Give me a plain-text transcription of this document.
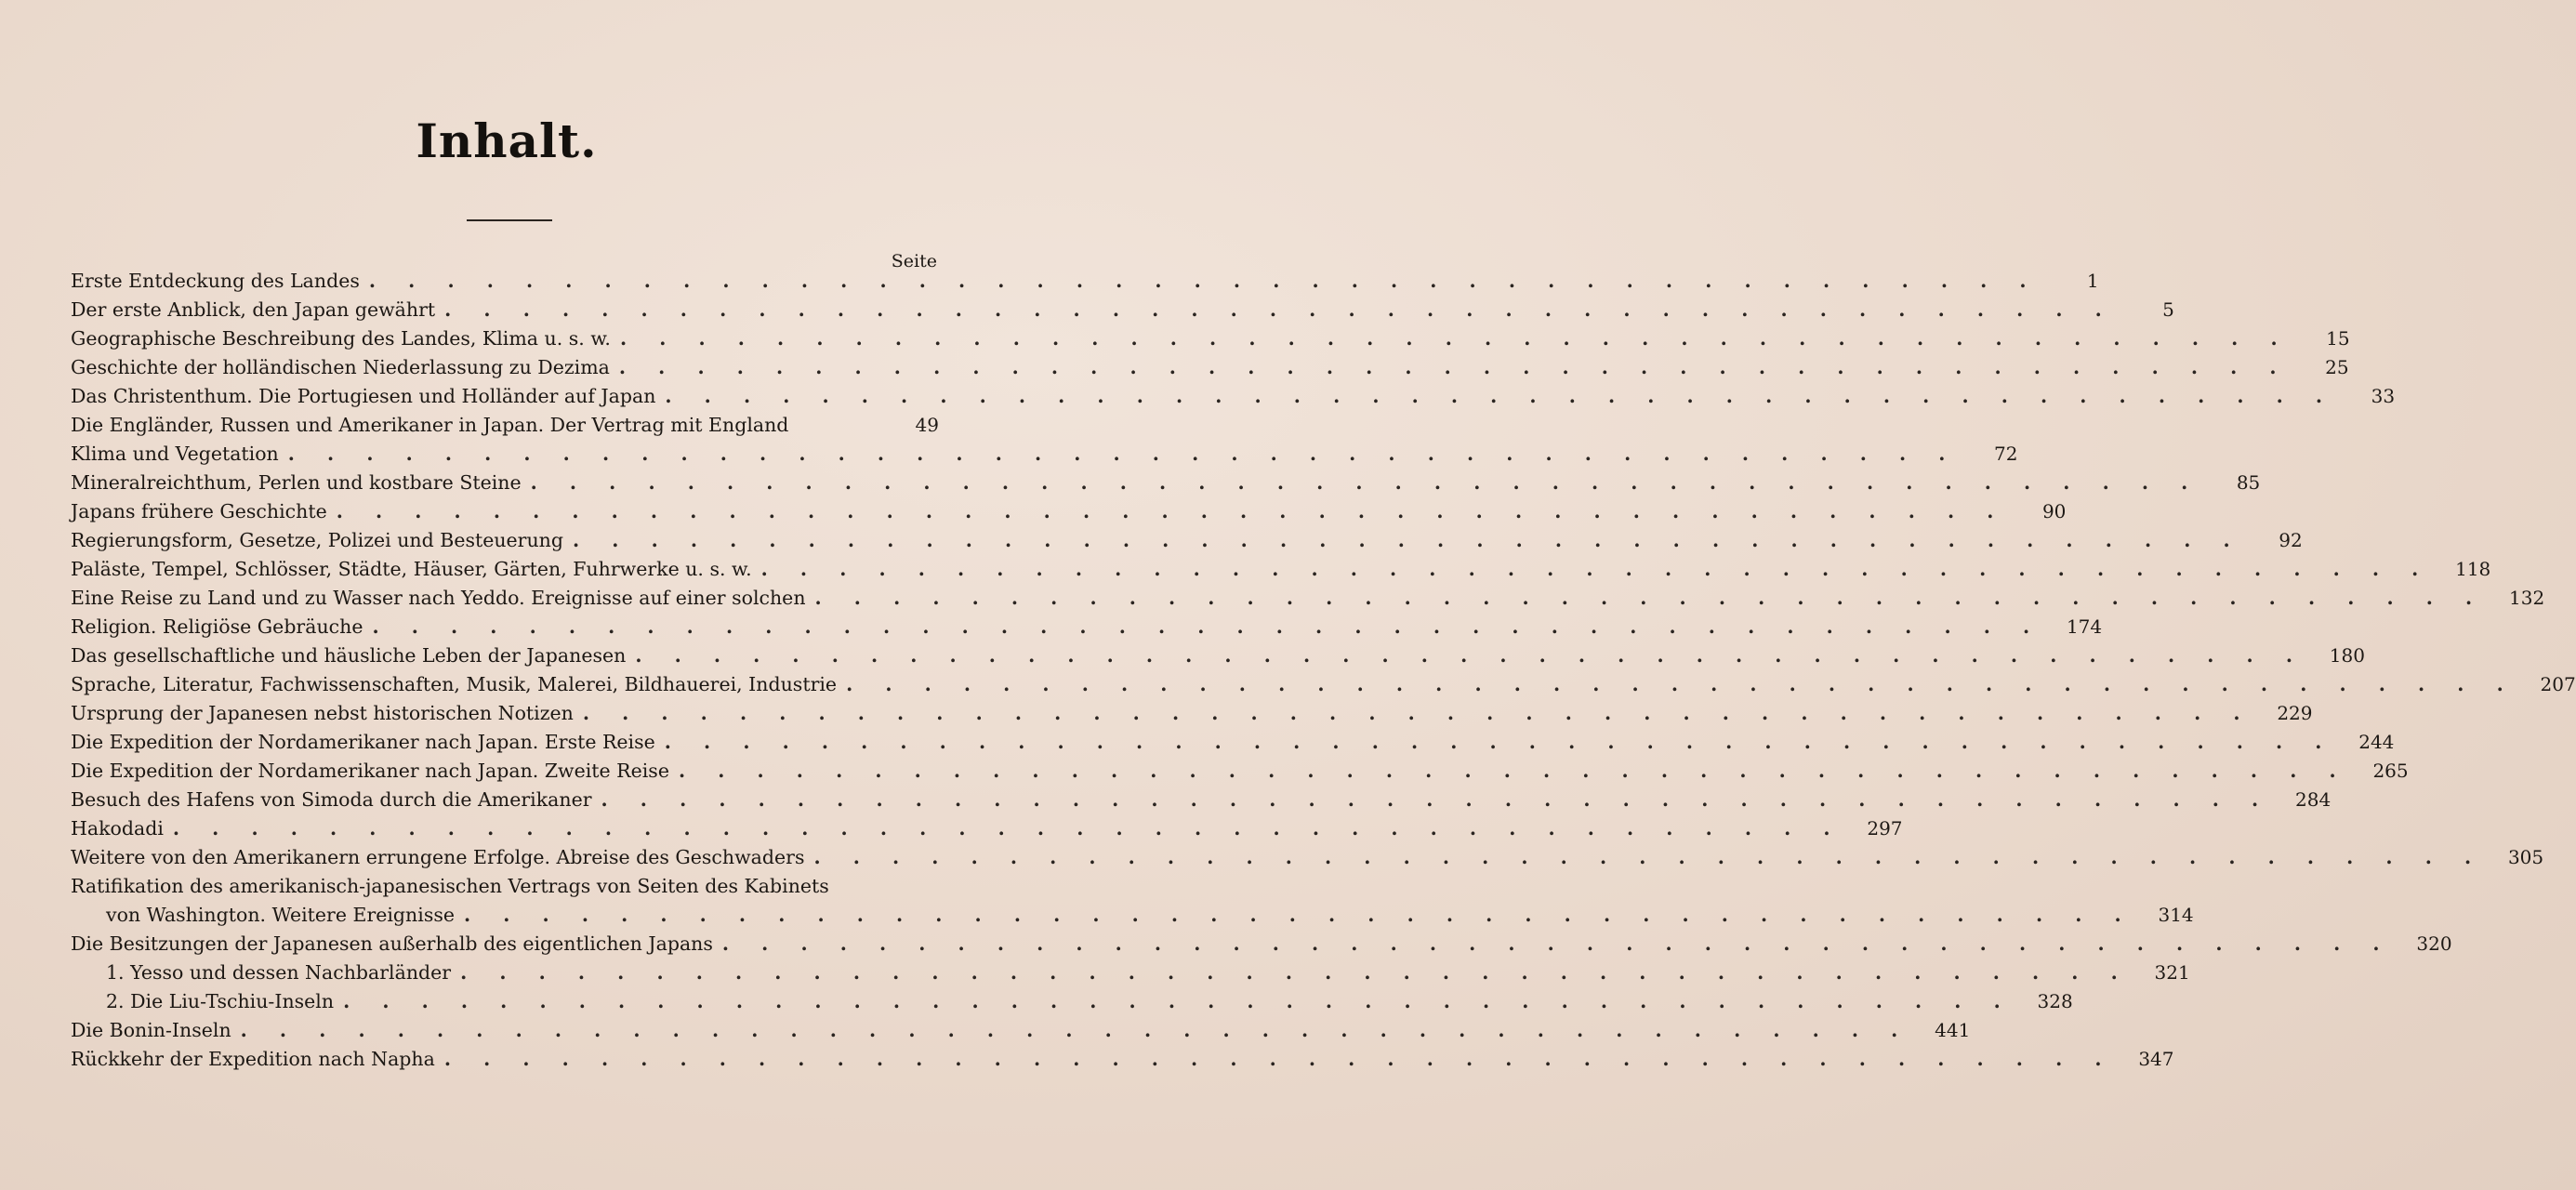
Inhalt.
Seite
Erste Entdeckung des Landes . . .	1
Der erste Anblick, den Japan gewährt . . .	5
Geographische Beschreibung des Landes, Klima u. s. w. . . .	15
Geschichte der holländischen Niederlassung zu Dezima . . .	25
Das Christenthum. Die Portugiesen und Holländer auf Japan . . .	33
Die Engländer, Russen und Amerikaner in Japan. Der Vertrag mit England	49
Klima und Vegetation . . .	72
Mineralreichthum, Perlen und kostbare Steine . . .	85
Japans frühere Geschichte . . .	90
Regierungsform, Gesetze, Polizei und Besteuerung . . .	92
Paläste, Tempel, Schlösser, Städte, Häuser, Gärten, Fuhrwerke u. s. w. . . .	118
Eine Reise zu Land und zu Wasser nach Yeddo. Ereignisse auf einer solchen . . .	132
Religion. Religiöse Gebräuche . . .	174
Das gesellschaftliche und häusliche Leben der Japanesen . . .	180
Sprache, Literatur, Fachwissenschaften, Musik, Malerei, Bildhauerei, Industrie . . .	207
Ursprung der Japanesen nebst historischen Notizen . . .	229
Die Expedition der Nordamerikaner nach Japan. Erste Reise . . .	244
Die Expedition der Nordamerikaner nach Japan. Zweite Reise . . .	265
Besuch des Hafens von Simoda durch die Amerikaner . . .	284
Hakodadi . . .	297
Weitere von den Amerikanern errungene Erfolge. Abreise des Geschwaders . . .	305
Ratifikation des amerikanisch-japanesischen Vertrags von Seiten des Kabinets
von Washington. Weitere Ereignisse . . .	314
Die Besitzungen der Japanesen außerhalb des eigentlichen Japans . . .	320
1. Yesso und dessen Nachbarländer . . .	321
2. Die Liu-Tschiu-Inseln . . .	328
Die Bonin-Inseln . . .	441
Rückkehr der Expedition nach Napha . . .	347
